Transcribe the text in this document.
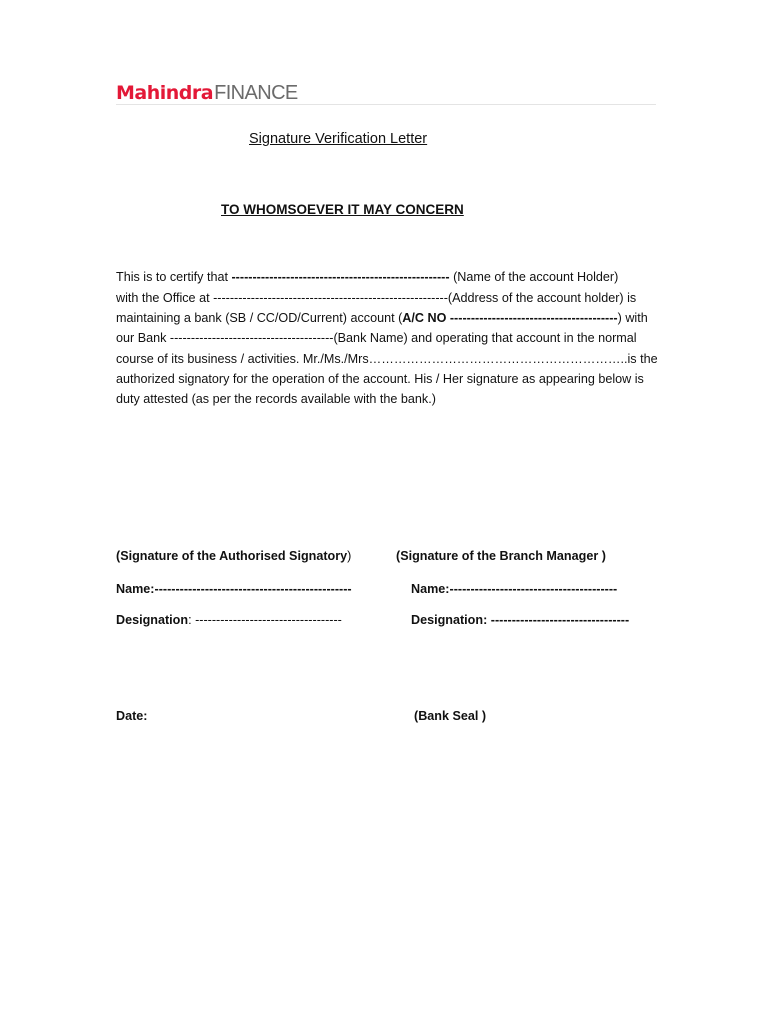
Mahindra FINANCE
Signature Verification Letter
TO WHOMSOEVER IT MAY CONCERN
This is to certify that ---------------------------------------------------- (Name of the account Holder)
with the Office at --------------------------------------------------------(Address of the account holder) is
maintaining a bank (SB / CC/OD/Current) account (A/C NO ----------------------------------------) with
our Bank ---------------------------------------(Bank Name) and operating that account in the normal
course of its business / activities. Mr./Ms./Mrs……………………………………………………..is the
authorized signatory for the operation of the account. His / Her signature as appearing below is
duty attested (as per the records available with the bank.)
(Signature of the Authorised Signatory)	(Signature of the Branch Manager )
Name:-----------------------------------------------	Name:----------------------------------------
Designation: -----------------------------------	Designation: ---------------------------------
Date:	(Bank Seal )
